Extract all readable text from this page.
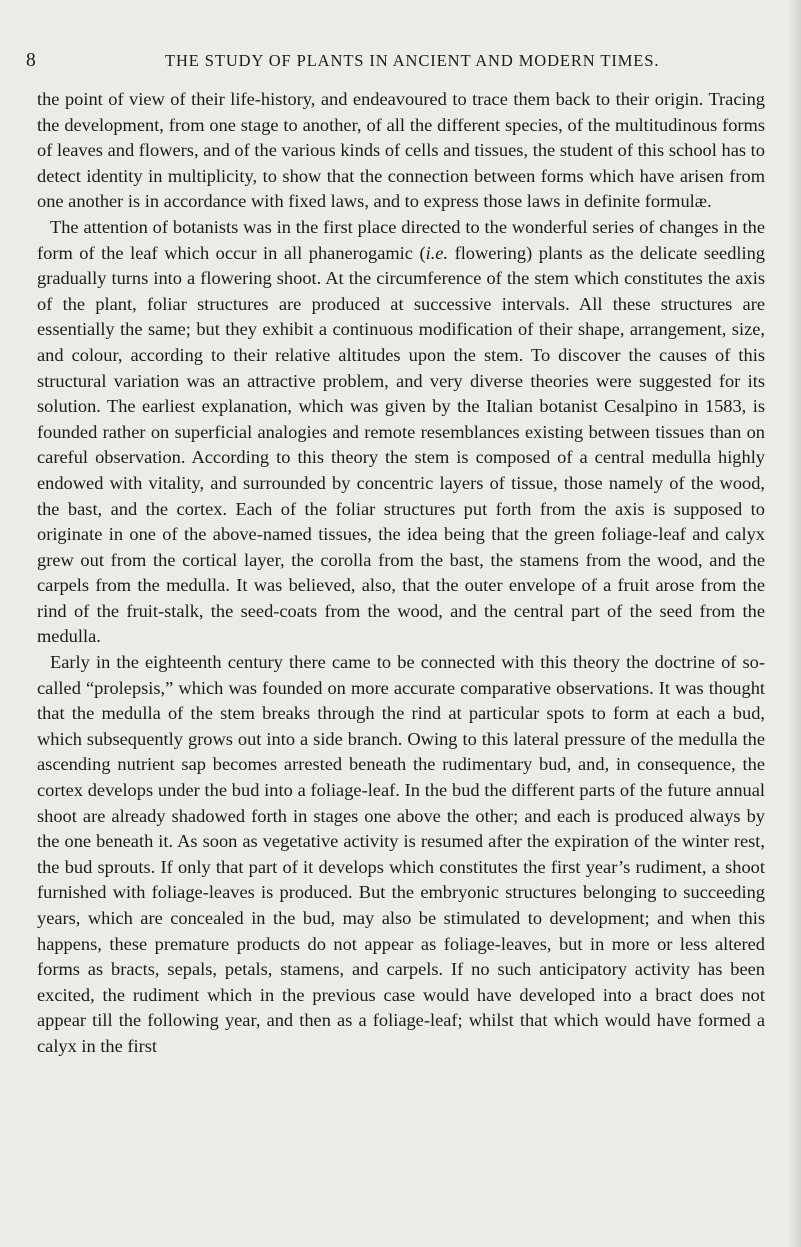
8	THE STUDY OF PLANTS IN ANCIENT AND MODERN TIMES.

the point of view of their life-history, and endeavoured to trace them back to their origin. Tracing the development, from one stage to another, of all the different species, of the multitudinous forms of leaves and flowers, and of the various kinds of cells and tissues, the student of this school has to detect identity in multiplicity, to show that the connection between forms which have arisen from one another is in accordance with fixed laws, and to express those laws in definite formulæ.

The attention of botanists was in the first place directed to the wonderful series of changes in the form of the leaf which occur in all phanerogamic (i.e. flowering) plants as the delicate seedling gradually turns into a flowering shoot. At the circumference of the stem which constitutes the axis of the plant, foliar structures are produced at successive intervals. All these structures are essentially the same; but they exhibit a continuous modification of their shape, arrangement, size, and colour, according to their relative altitudes upon the stem. To discover the causes of this structural variation was an attractive problem, and very diverse theories were suggested for its solution. The earliest explanation, which was given by the Italian botanist Cesalpino in 1583, is founded rather on superficial analogies and remote resemblances existing between tissues than on careful observation. According to this theory the stem is composed of a central medulla highly endowed with vitality, and surrounded by concentric layers of tissue, those namely of the wood, the bast, and the cortex. Each of the foliar structures put forth from the axis is supposed to originate in one of the above-named tissues, the idea being that the green foliage-leaf and calyx grew out from the cortical layer, the corolla from the bast, the stamens from the wood, and the carpels from the medulla. It was believed, also, that the outer envelope of a fruit arose from the rind of the fruit-stalk, the seed-coats from the wood, and the central part of the seed from the medulla.

Early in the eighteenth century there came to be connected with this theory the doctrine of so-called “prolepsis,” which was founded on more accurate comparative observations. It was thought that the medulla of the stem breaks through the rind at particular spots to form at each a bud, which subsequently grows out into a side branch. Owing to this lateral pressure of the medulla the ascending nutrient sap becomes arrested beneath the rudimentary bud, and, in consequence, the cortex develops under the bud into a foliage-leaf. In the bud the different parts of the future annual shoot are already shadowed forth in stages one above the other; and each is produced always by the one beneath it. As soon as vegetative activity is resumed after the expiration of the winter rest, the bud sprouts. If only that part of it develops which constitutes the first year’s rudiment, a shoot furnished with foliage-leaves is produced. But the embryonic structures belonging to succeeding years, which are concealed in the bud, may also be stimulated to development; and when this happens, these premature products do not appear as foliage-leaves, but in more or less altered forms as bracts, sepals, petals, stamens, and carpels. If no such anticipatory activity has been excited, the rudiment which in the previous case would have developed into a bract does not appear till the following year, and then as a foliage-leaf; whilst that which would have formed a calyx in the first
